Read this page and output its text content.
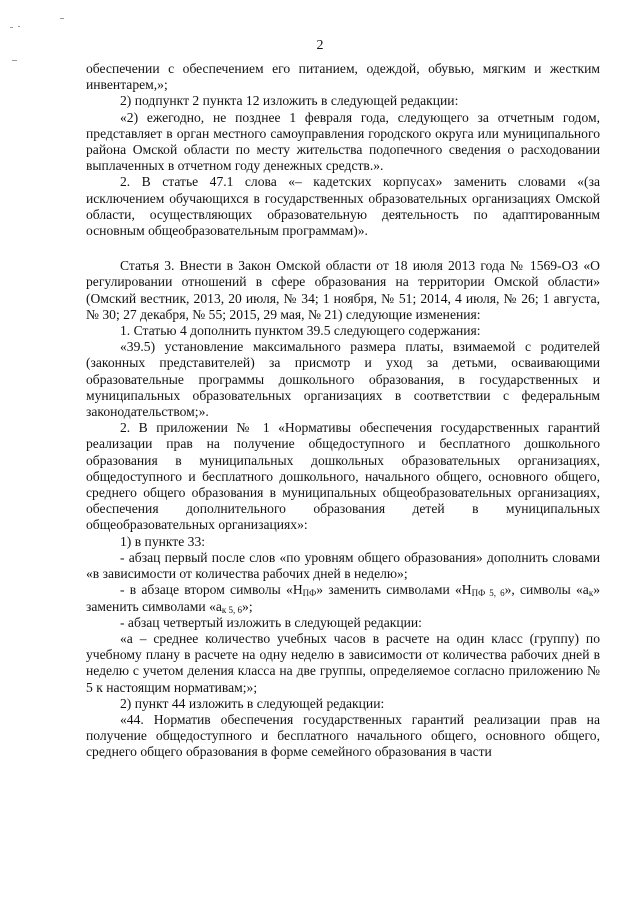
2

обеспечении с обеспечением его питанием, одеждой, обувью, мягким и жестким инвентарем,»;

2) подпункт 2 пункта 12 изложить в следующей редакции:

«2) ежегодно, не позднее 1 февраля года, следующего за отчетным годом, представляет в орган местного самоуправления городского округа или муниципального района Омской области по месту жительства подопечного сведения о расходовании выплаченных в отчетном году денежных средств.».

2. В статье 47.1 слова «– кадетских корпусах» заменить словами «(за исключением обучающихся в государственных образовательных организациях Омской области, осуществляющих образовательную деятельность по адаптированным основным общеобразовательным программам)».

Статья 3. Внести в Закон Омской области от 18 июля 2013 года № 1569-ОЗ «О регулировании отношений в сфере образования на территории Омской области» (Омский вестник, 2013, 20 июля, № 34; 1 ноября, № 51; 2014, 4 июля, № 26; 1 августа, № 30; 27 декабря, № 55; 2015, 29 мая, № 21) следующие изменения:

1. Статью 4 дополнить пунктом 39.5 следующего содержания:

«39.5) установление максимального размера платы, взимаемой с родителей (законных представителей) за присмотр и уход за детьми, осваивающими образовательные программы дошкольного образования, в государственных и муниципальных образовательных организациях в соответствии с федеральным законодательством;».

2. В приложении № 1 «Нормативы обеспечения государственных гарантий реализации прав на получение общедоступного и бесплатного дошкольного образования в муниципальных дошкольных образовательных организациях, общедоступного и бесплатного дошкольного, начального общего, основного общего, среднего общего образования в муниципальных общеобразовательных организациях, обеспечения дополнительного образования детей в муниципальных общеобразовательных организациях»:

1) в пункте 33:

- абзац первый после слов «по уровням общего образования» дополнить словами «в зависимости от количества рабочих дней в неделю»;

- в абзаце втором символы «$Н_{ПФ}$» заменить символами «$Н_{ПФ 5, 6}$», символы «$а_к$» заменить символами «$а_{к 5, 6}$»;

- абзац четвертый изложить в следующей редакции:

«а – среднее количество учебных часов в расчете на один класс (группу) по учебному плану в расчете на одну неделю в зависимости от количества рабочих дней в неделю с учетом деления класса на две группы, определяемое согласно приложению № 5 к настоящим нормативам;»;

2) пункт 44 изложить в следующей редакции:

«44. Норматив обеспечения государственных гарантий реализации прав на получение общедоступного и бесплатного начального общего, основного общего, среднего общего образования в форме семейного образования в части
